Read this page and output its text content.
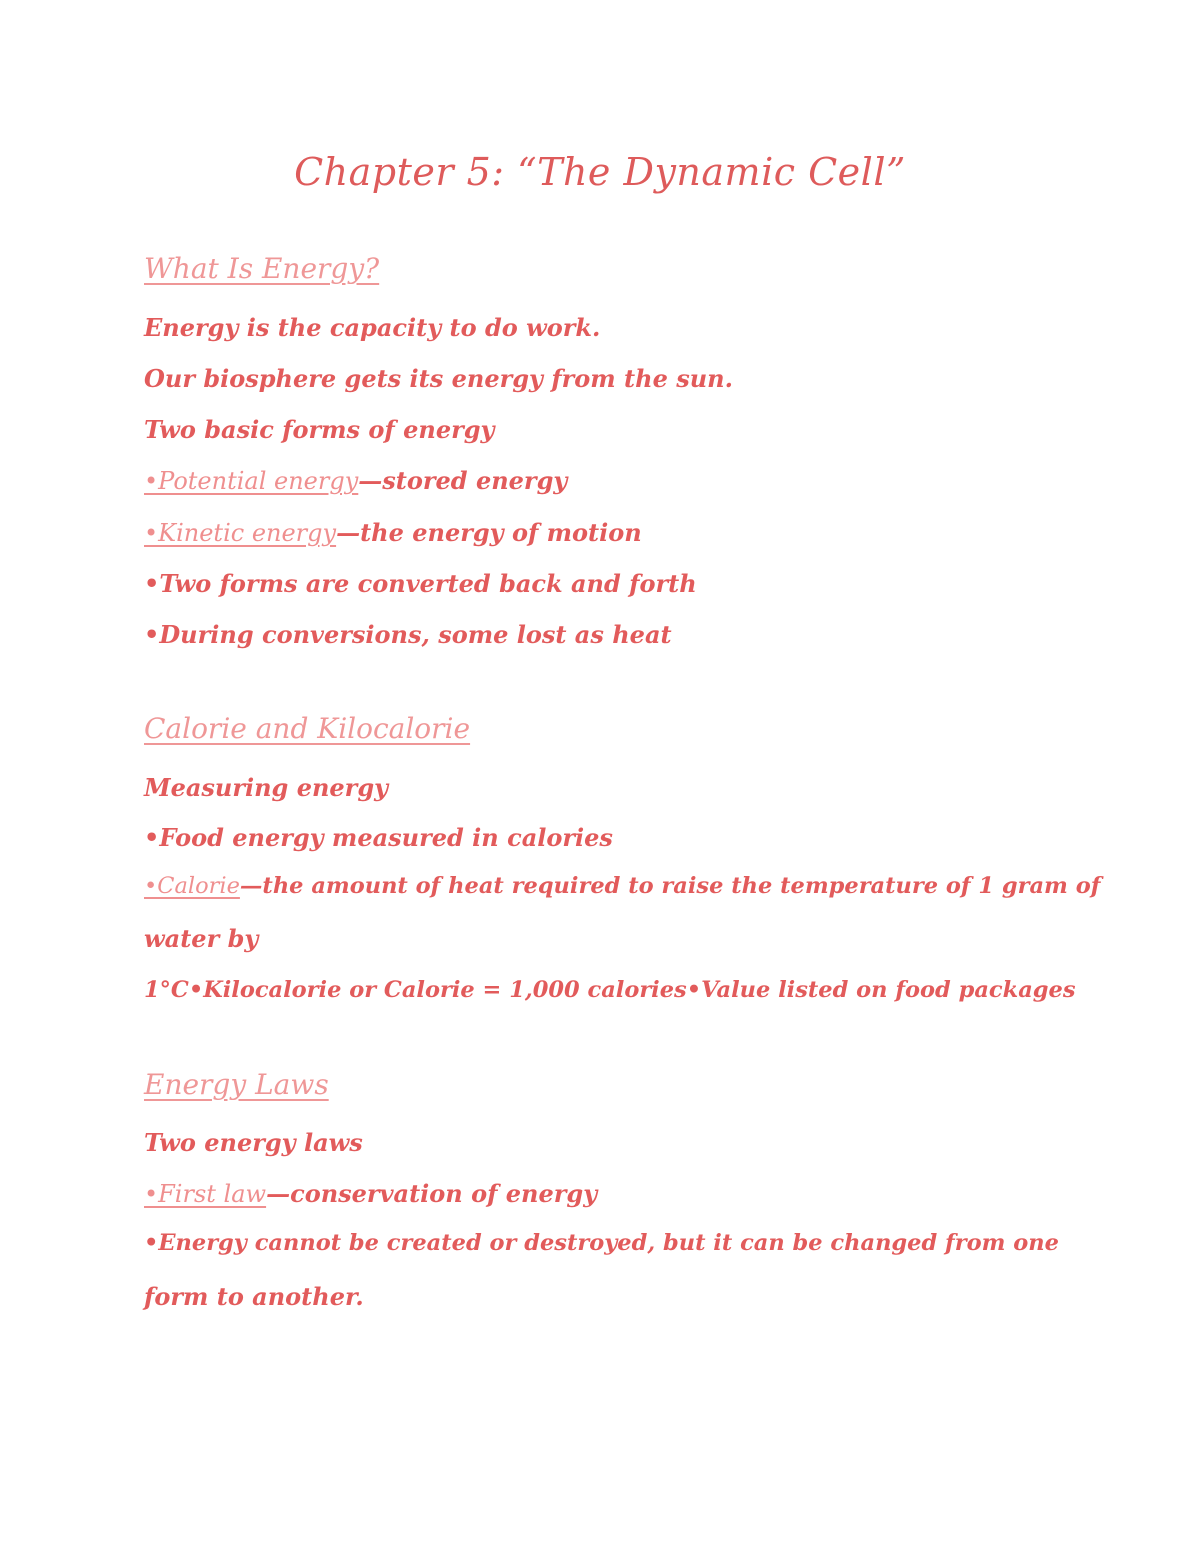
Chapter 5: “The Dynamic Cell”
What Is Energy?

Energy is the capacity to do work.

Our biosphere gets its energy from the sun.

Two basic forms of energy

•Potential energy—stored energy

•Kinetic energy—the energy of motion

•Two forms are converted back and forth

•During conversions, some lost as heat

Calorie and Kilocalorie

Measuring energy

•Food energy measured in calories

•Calorie—the amount of heat required to raise the temperature of 1 gram of

water by

1°C•Kilocalorie or Calorie = 1,000 calories•Value listed on food packages

Energy Laws

Two energy laws

•First law—conservation of energy

•Energy cannot be created or destroyed, but it can be changed from one

form to another.
